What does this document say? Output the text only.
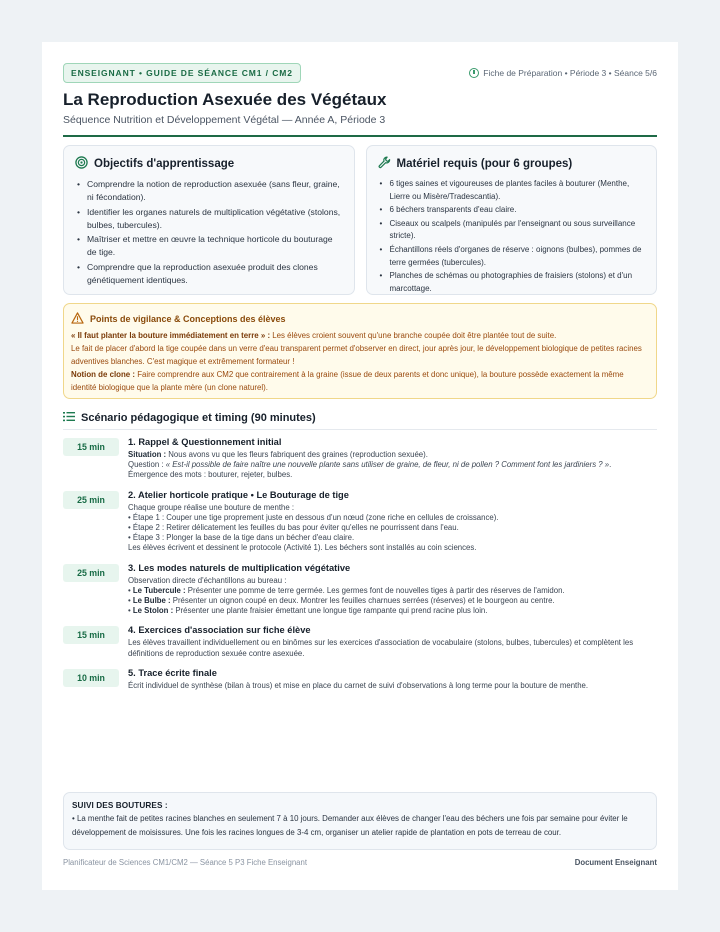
ENSEIGNANT • GUIDE DE SÉANCE CM1 / CM2	Fiche de Préparation • Période 3 • Séance 5/6
La Reproduction Asexuée des Végétaux
Séquence Nutrition et Développement Végétal — Année A, Période 3
Objectifs d'apprentissage
• Comprendre la notion de reproduction asexuée (sans fleur, graine, ni fécondation).
• Identifier les organes naturels de multiplication végétative (stolons, bulbes, tubercules).
• Maîtriser et mettre en œuvre la technique horticole du bouturage de tige.
• Comprendre que la reproduction asexuée produit des clones génétiquement identiques.
Matériel requis (pour 6 groupes)
• 6 tiges saines et vigoureuses de plantes faciles à bouturer (Menthe, Lierre ou Misère/Tradescantia).
• 6 béchers transparents d'eau claire.
• Ciseaux ou scalpels (manipulés par l'enseignant ou sous surveillance stricte).
• Échantillons réels d'organes de réserve : oignons (bulbes), pommes de terre germées (tubercules).
• Planches de schémas ou photographies de fraisiers (stolons) et d'un marcottage.
Points de vigilance & Conceptions des élèves

« Il faut planter la bouture immédiatement en terre » : Les élèves croient souvent qu'une branche coupée doit être plantée tout de suite.

Le fait de placer d'abord la tige coupée dans un verre d'eau transparent permet d'observer en direct, jour après jour, le développement biologique de petites racines adventives blanches. C'est magique et extrêmement formateur !

Notion de clone : Faire comprendre aux CM2 que contrairement à la graine (issue de deux parents et donc unique), la bouture possède exactement la même identité biologique que la plante mère (un clone naturel).

Scénario pédagogique et timing (90 minutes)
15 min	1. Rappel & Questionnement initial
Situation : Nous avons vu que les fleurs fabriquent des graines (reproduction sexuée).
Question : « Est-il possible de faire naître une nouvelle plante sans utiliser de graine, de fleur, ni de pollen ? Comment font les jardiniers ? ».
Émergence des mots : bouturer, rejeter, bulbes.
25 min	2. Atelier horticole pratique • Le Bouturage de tige
Chaque groupe réalise une bouture de menthe :
• Étape 1 : Couper une tige proprement juste en dessous d'un nœud (zone riche en cellules de croissance).
• Étape 2 : Retirer délicatement les feuilles du bas pour éviter qu'elles ne pourrissent dans l'eau.
• Étape 3 : Plonger la base de la tige dans un bécher d'eau claire.
Les élèves écrivent et dessinent le protocole (Activité 1). Les béchers sont installés au coin sciences.
25 min	3. Les modes naturels de multiplication végétative
Observation directe d'échantillons au bureau :
• Le Tubercule : Présenter une pomme de terre germée. Les germes font de nouvelles tiges à partir des réserves de l'amidon.
• Le Bulbe : Présenter un oignon coupé en deux. Montrer les feuilles charnues serrées (réserves) et le bourgeon au centre.
• Le Stolon : Présenter une plante fraisier émettant une longue tige rampante qui prend racine plus loin.
15 min	4. Exercices d'association sur fiche élève
Les élèves travaillent individuellement ou en binômes sur les exercices d'association de vocabulaire (stolons, bulbes, tubercules) et complètent les définitions de reproduction sexuée contre asexuée.
10 min	5. Trace écrite finale
Écrit individuel de synthèse (bilan à trous) et mise en place du carnet de suivi d'observations à long terme pour la bouture de menthe.
SUIVI DES BOUTURES :

• La menthe fait de petites racines blanches en seulement 7 à 10 jours. Demander aux élèves de changer l'eau des béchers une fois par semaine pour éviter le développement de moisissures. Une fois les racines longues de 3-4 cm, organiser un atelier rapide de plantation en pots de terreau de cour.

Planificateur de Sciences CM1/CM2 — Séance 5 P3 Fiche Enseignant	Document Enseignant
